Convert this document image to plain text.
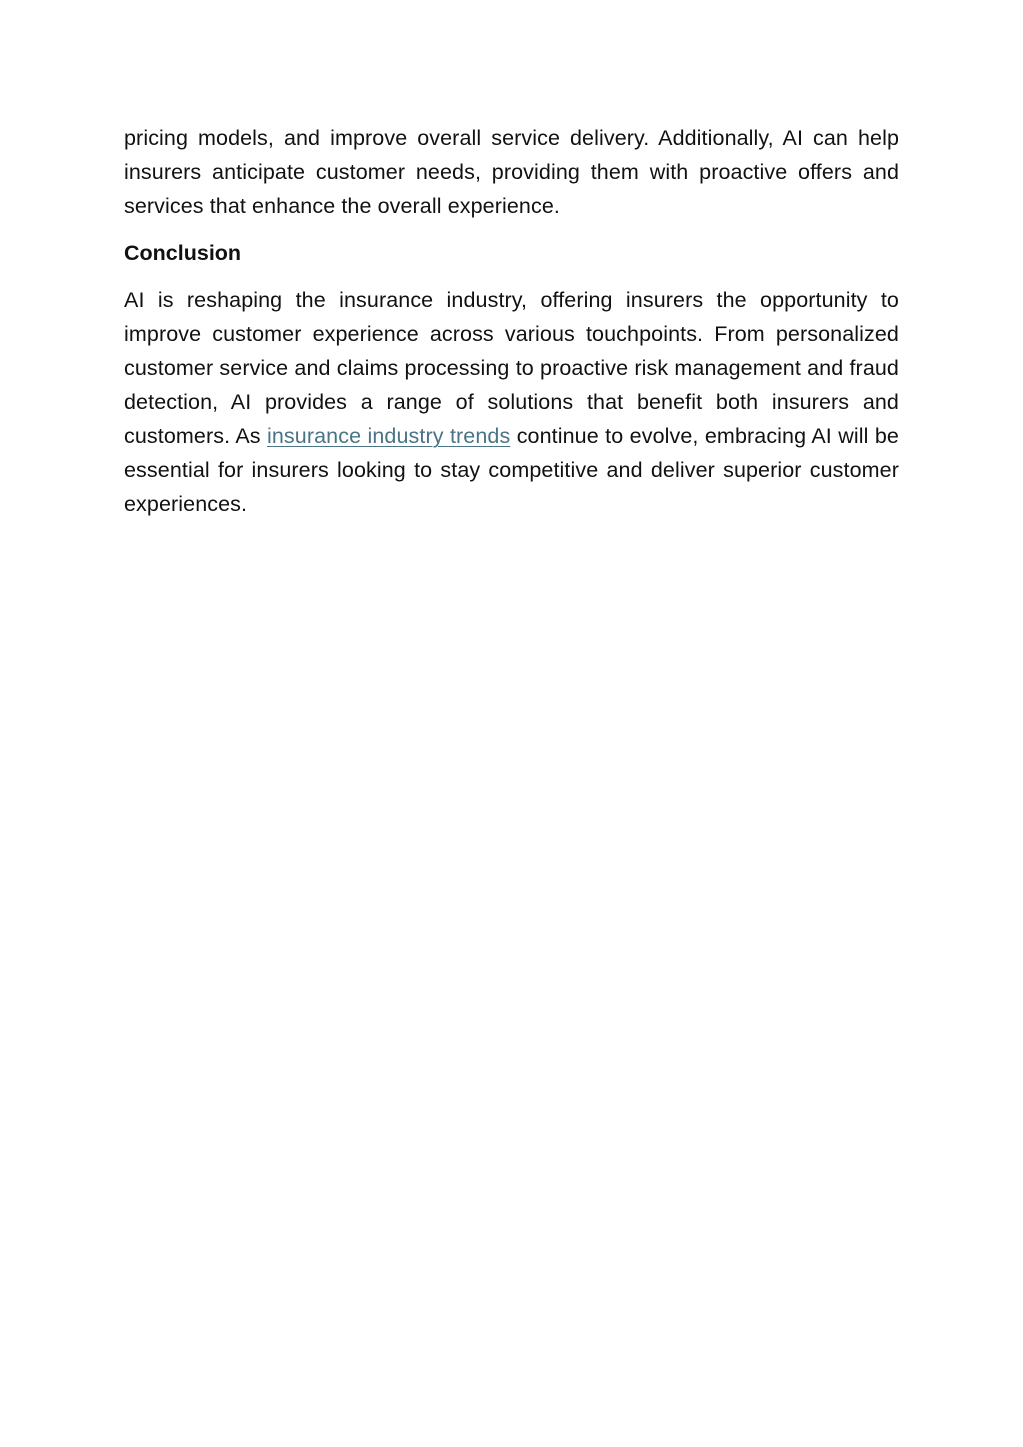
pricing models, and improve overall service delivery. Additionally, AI can help insurers anticipate customer needs, providing them with proactive offers and services that enhance the overall experience.

Conclusion

AI is reshaping the insurance industry, offering insurers the opportunity to improve customer experience across various touchpoints. From personalized customer service and claims processing to proactive risk management and fraud detection, AI provides a range of solutions that benefit both insurers and customers. As insurance industry trends continue to evolve, embracing AI will be essential for insurers looking to stay competitive and deliver superior customer experiences.
